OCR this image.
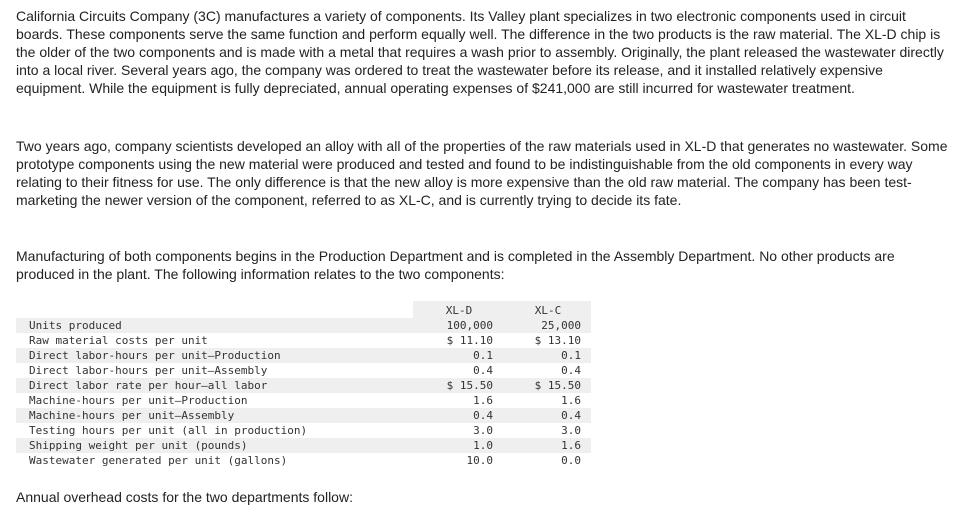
California Circuits Company (3C) manufactures a variety of components. Its Valley plant specializes in two electronic components used in circuit boards. These components serve the same function and perform equally well. The difference in the two products is the raw material. The XL-D chip is the older of the two components and is made with a metal that requires a wash prior to assembly. Originally, the plant released the wastewater directly into a local river. Several years ago, the company was ordered to treat the wastewater before its release, and it installed relatively expensive equipment. While the equipment is fully depreciated, annual operating expenses of $241,000 are still incurred for wastewater treatment.

Two years ago, company scientists developed an alloy with all of the properties of the raw materials used in XL-D that generates no wastewater. Some prototype components using the new material were produced and tested and found to be indistinguishable from the old components in every way relating to their fitness for use. The only difference is that the new alloy is more expensive than the old raw material. The company has been test-marketing the newer version of the component, referred to as XL-C, and is currently trying to decide its fate.

Manufacturing of both components begins in the Production Department and is completed in the Assembly Department. No other products are produced in the plant. The following information relates to the two components:

	XL-D	XL-C
Units produced	100,000	25,000
Raw material costs per unit	$ 11.10	$ 13.10
Direct labor-hours per unit—Production	0.1	0.1
Direct labor-hours per unit—Assembly	0.4	0.4
Direct labor rate per hour—all labor	$ 15.50	$ 15.50
Machine-hours per unit—Production	1.6	1.6
Machine-hours per unit—Assembly	0.4	0.4
Testing hours per unit (all in production)	3.0	3.0
Shipping weight per unit (pounds)	1.0	1.6
Wastewater generated per unit (gallons)	10.0	0.0

Annual overhead costs for the two departments follow:
